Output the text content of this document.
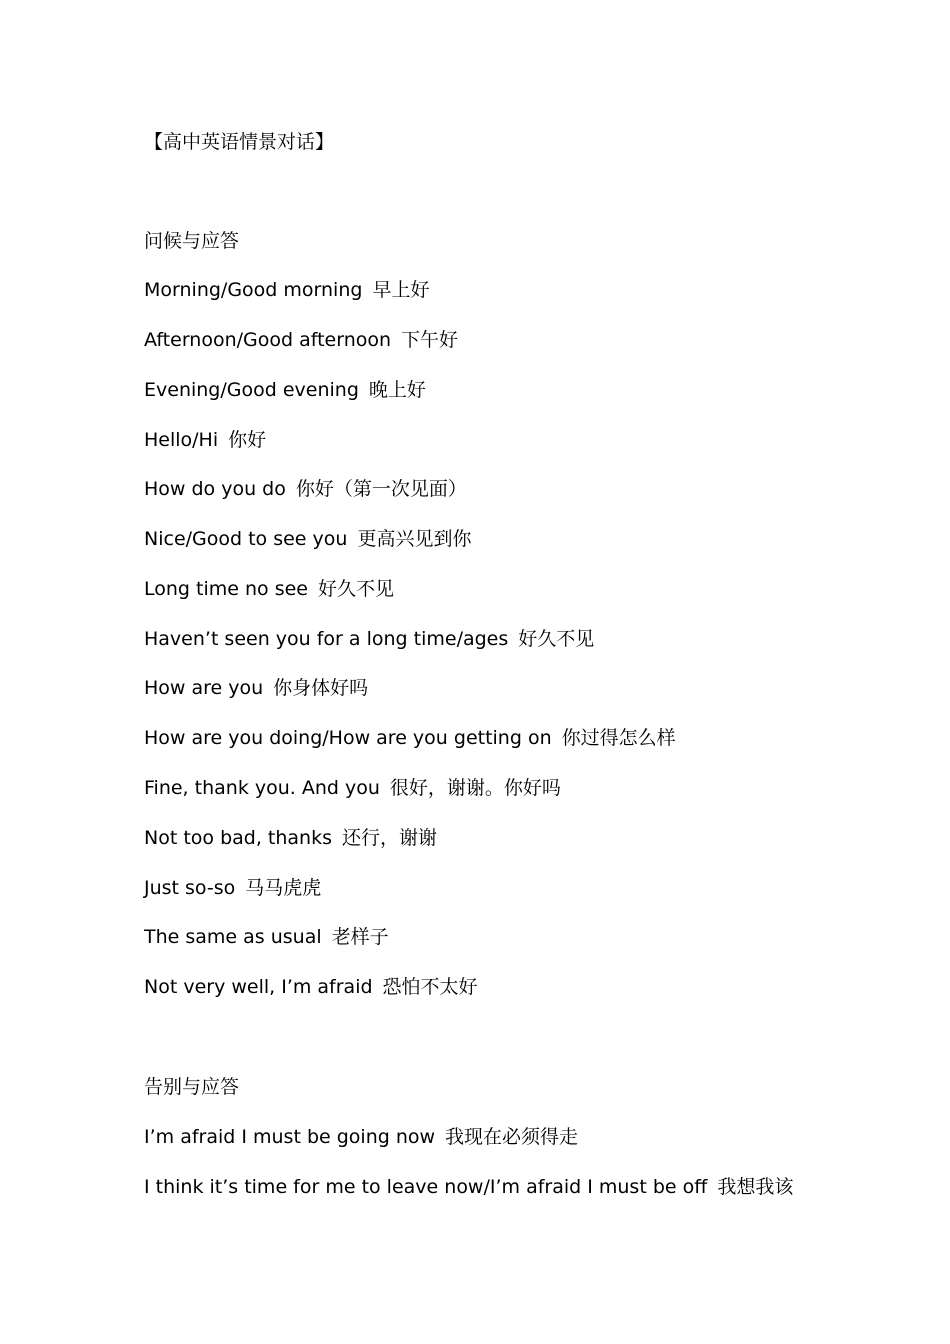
【高中英语情景对话】
问候与应答
Morning/Good morning 早上好
Afternoon/Good afternoon 下午好
Evening/Good evening 晚上好
Hello/Hi 你好
How do you do 你好（第一次见面）
Nice/Good to see you 更高兴见到你
Long time no see 好久不见
Haven’t seen you for a long time/ages 好久不见
How are you 你身体好吗
How are you doing/How are you getting on 你过得怎么样
Fine, thank you. And you 很好，谢谢。你好吗
Not too bad, thanks 还行，谢谢
Just so-so 马马虎虎
The same as usual 老样子
Not very well, I’m afraid 恐怕不太好
告别与应答
I’m afraid I must be going now 我现在必须得走
I think it’s time for me to leave now/I’m afraid I must be off 我想我该
